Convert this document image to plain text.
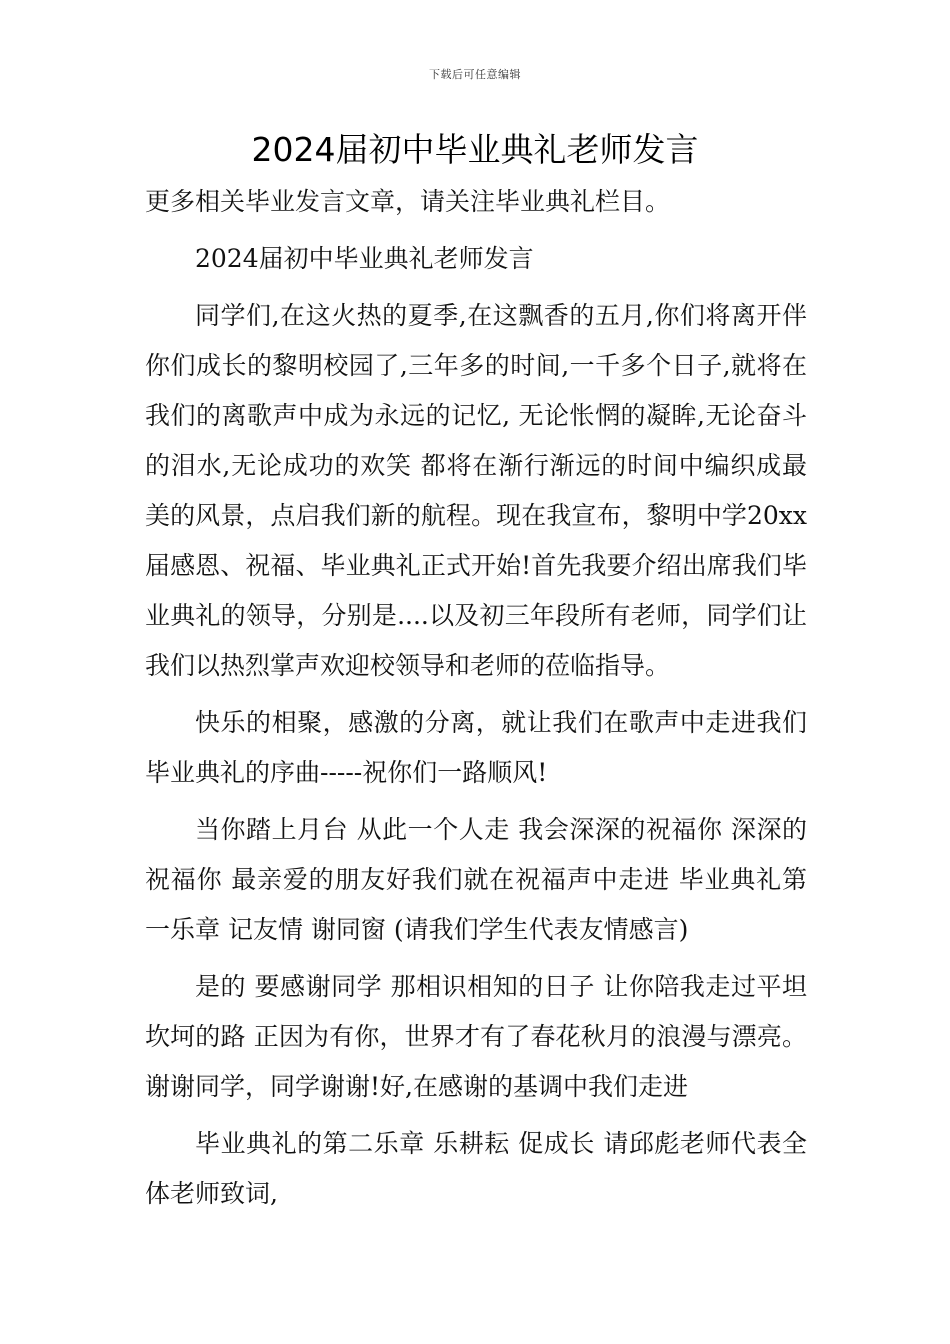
下载后可任意编辑
2024届初中毕业典礼老师发言

更多相关毕业发言文章，请关注毕业典礼栏目。

2024届初中毕业典礼老师发言

同学们,在这火热的夏季,在这飘香的五月,你们将离开伴你们成长的黎明校园了,三年多的时间,一千多个日子,就将在我们的离歌声中成为永远的记忆, 无论怅惘的凝眸,无论奋斗的泪水,无论成功的欢笑 都将在渐行渐远的时间中编织成最美的风景，点启我们新的航程。现在我宣布，黎明中学20xx届感恩、祝福、毕业典礼正式开始!首先我要介绍出席我们毕业典礼的领导，分别是....以及初三年段所有老师，同学们让我们以热烈掌声欢迎校领导和老师的莅临指导。

快乐的相聚，感激的分离，就让我们在歌声中走进我们毕业典礼的序曲-----祝你们一路顺风!

当你踏上月台 从此一个人走 我会深深的祝福你 深深的祝福你 最亲爱的朋友好我们就在祝福声中走进 毕业典礼第一乐章 记友情 谢同窗 (请我们学生代表友情感言)

是的 要感谢同学 那相识相知的日子 让你陪我走过平坦坎坷的路 正因为有你，世界才有了春花秋月的浪漫与漂亮。谢谢同学，同学谢谢!好,在感谢的基调中我们走进

毕业典礼的第二乐章 乐耕耘 促成长 请邱彪老师代表全体老师致词,
